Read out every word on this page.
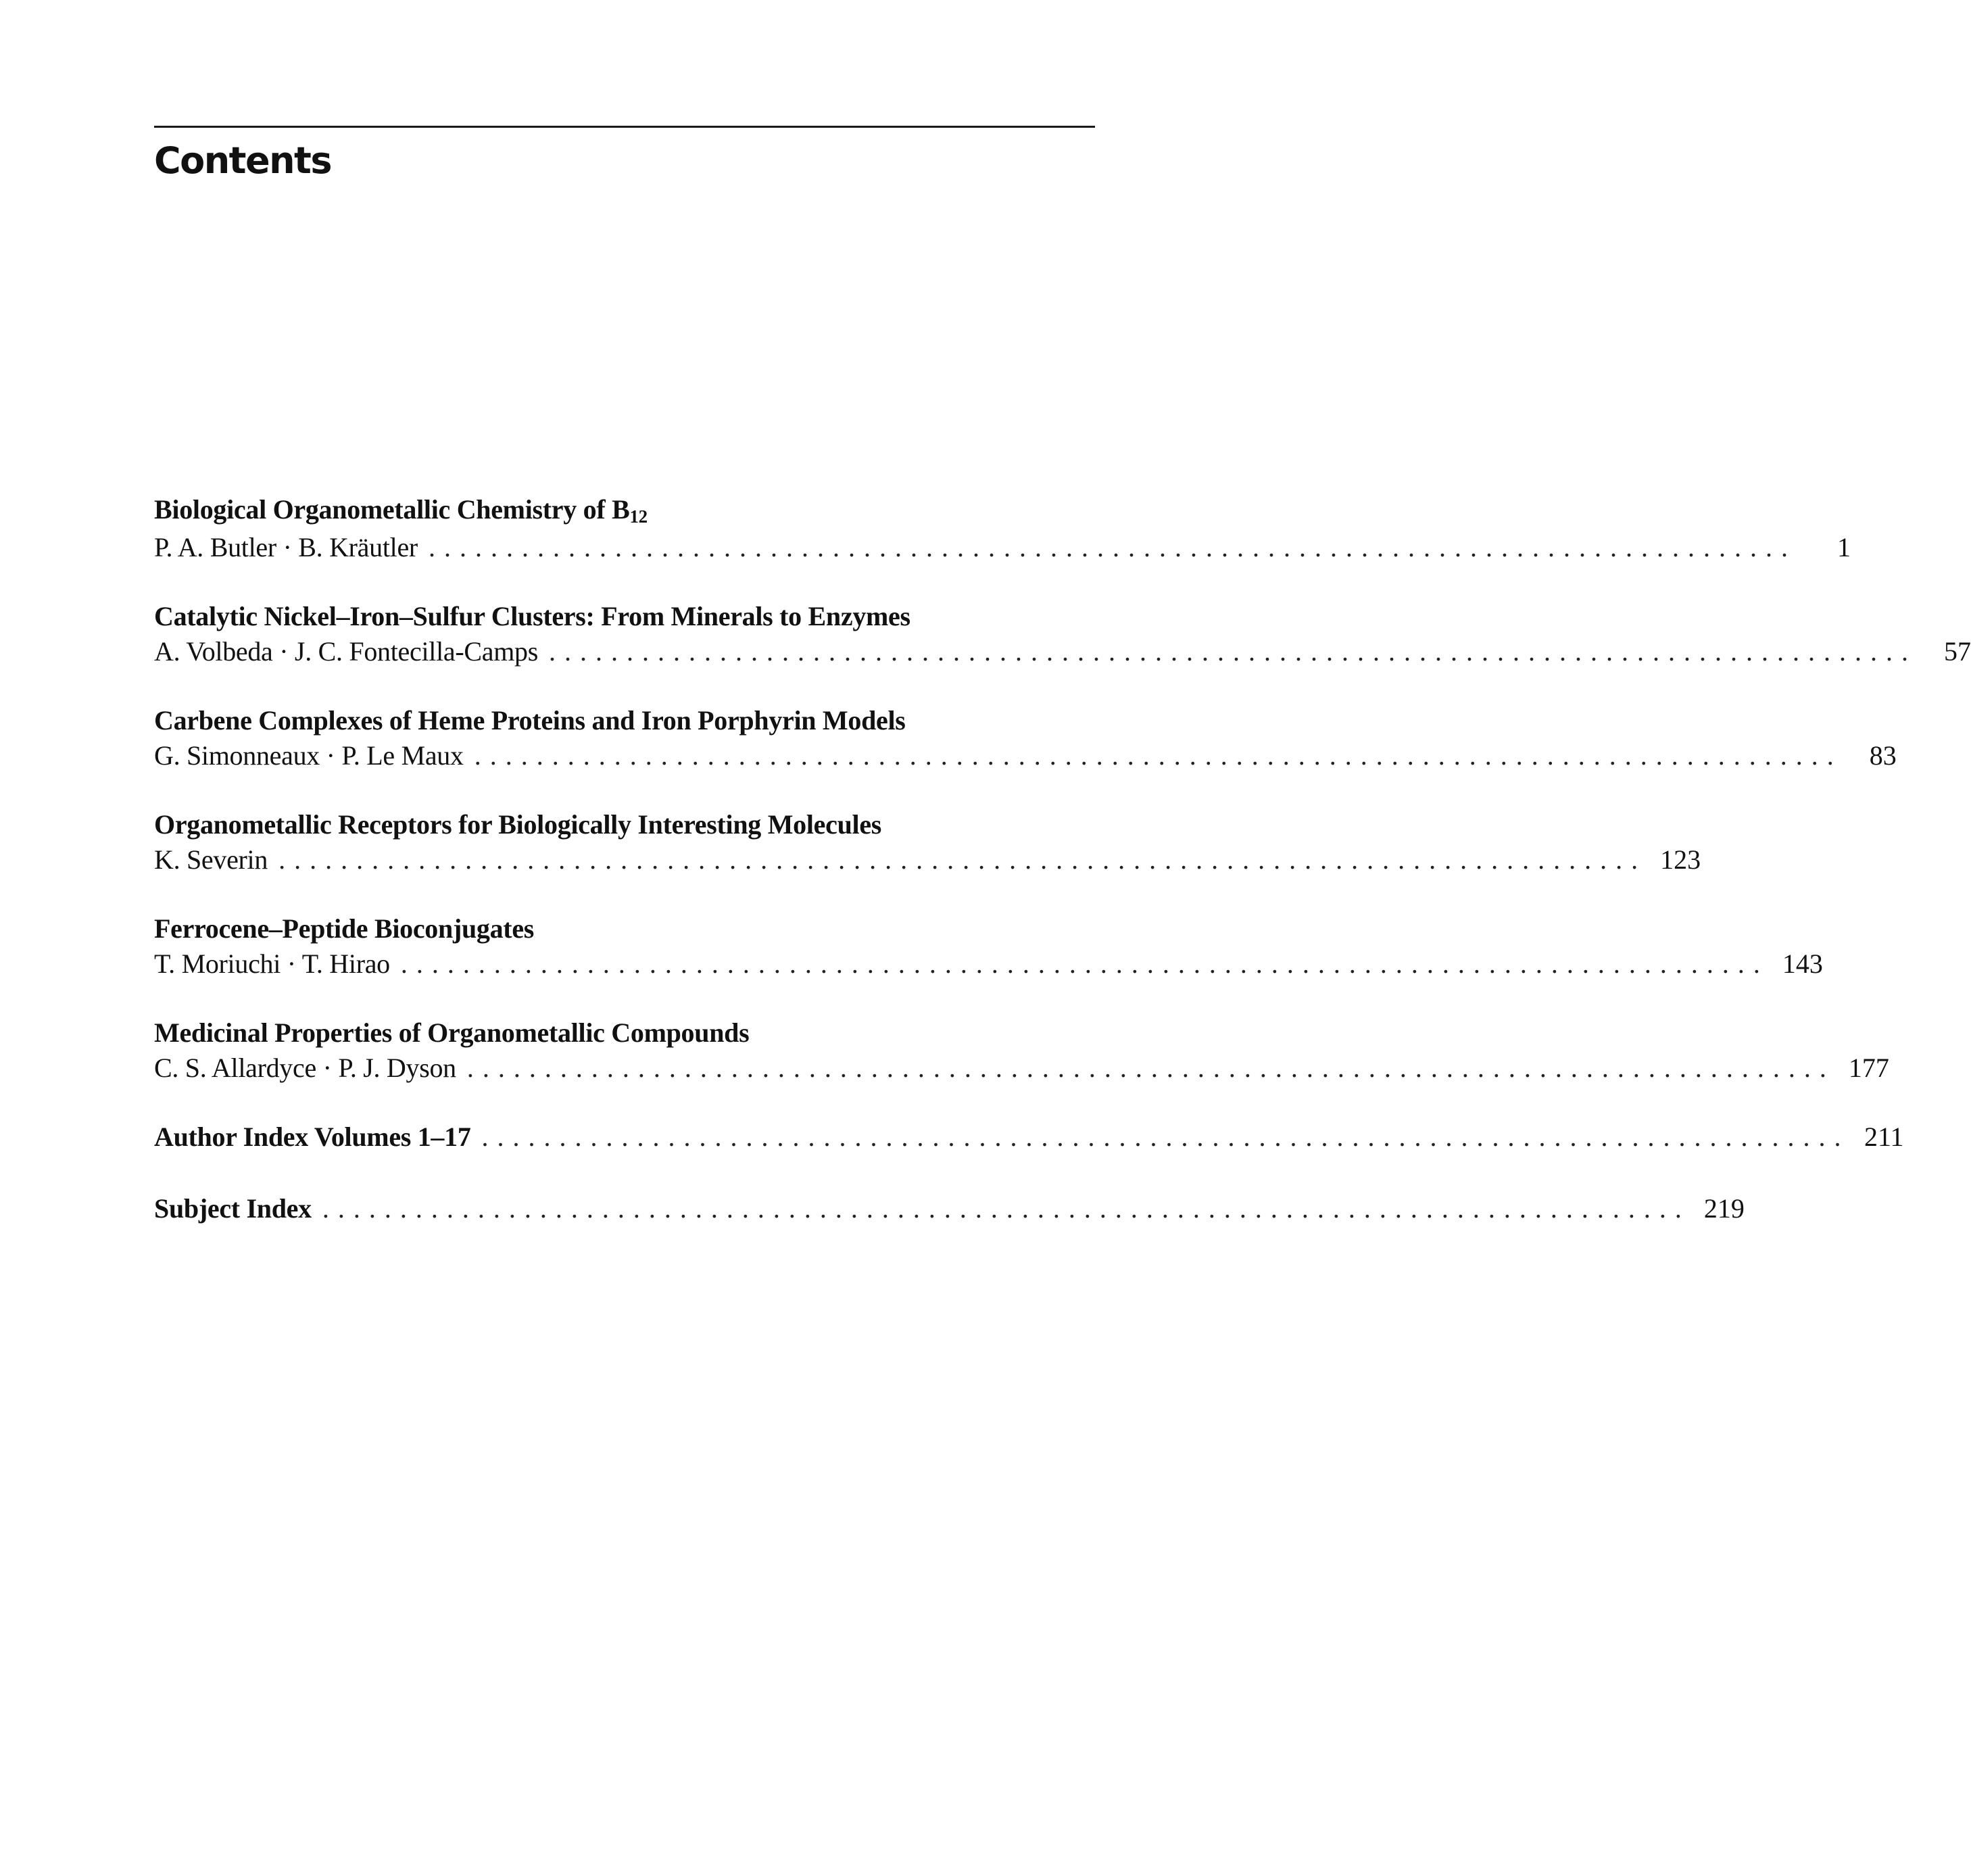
Contents
Biological Organometallic Chemistry of $B_{12}$
P. A. Butler · B. Kräutler ........................................................................................	1
Catalytic Nickel–Iron–Sulfur Clusters: From Minerals to Enzymes
A. Volbeda · J. C. Fontecilla-Camps ........................................................................................	57
Carbene Complexes of Heme Proteins and Iron Porphyrin Models
G. Simonneaux · P. Le Maux ........................................................................................	83
Organometallic Receptors for Biologically Interesting Molecules
K. Severin ........................................................................................ 123
Ferrocene–Peptide Bioconjugates
T. Moriuchi · T. Hirao ........................................................................................ 143
Medicinal Properties of Organometallic Compounds
C. S. Allardyce · P. J. Dyson ........................................................................................ 177
Author Index Volumes 1–17 ........................................................................................ 211
Subject Index ........................................................................................ 219
